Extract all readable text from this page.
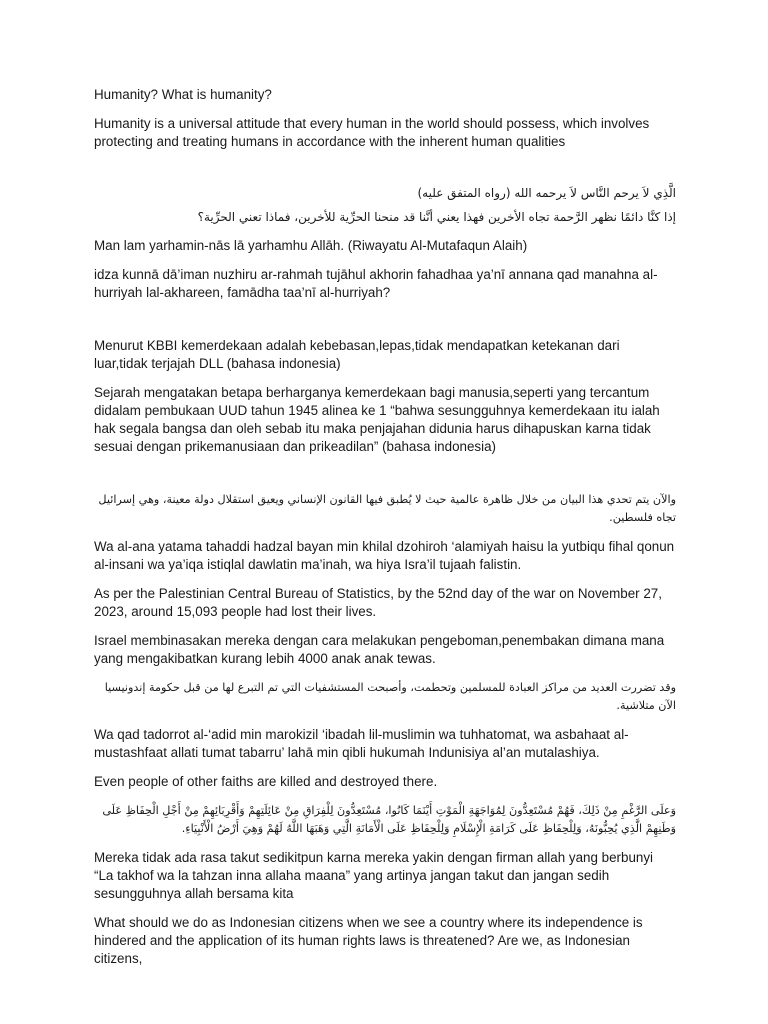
Humanity? What is humanity?

Humanity is a universal attitude that every human in the world should possess, which involves protecting and treating humans in accordance with the inherent human qualities

الَّذِي لاَ يرحم النَّاس لاَ يرحمه الله (رواه المتفق عليه)

إذا كنَّا دائمًا نظهر الرَّحمة تجاه الأخرين فهذا يعني أنَّنا قد منحنا الحرِّية للأخرين، فماذا تعني الحرِّية؟

Man lam yarhamin-nās lā yarhamhu Allāh. (Riwayatu Al-Mutafaqun Alaih)

idza kunnā dā’iman nuzhiru ar-rahmah tujāhul akhorin fahadhaa ya’nī annana qad manahna al-hurriyah lal-akhareen, famādha taa’nī al-hurriyah?

Menurut KBBI kemerdekaan adalah kebebasan,lepas,tidak mendapatkan ketekanan dari luar,tidak terjajah DLL (bahasa indonesia)

Sejarah mengatakan betapa berharganya kemerdekaan bagi manusia,seperti yang tercantum didalam pembukaan UUD tahun 1945 alinea ke 1 “bahwa sesungguhnya kemerdekaan itu ialah hak segala bangsa dan oleh sebab itu maka penjajahan didunia harus dihapuskan karna tidak sesuai dengan prikemanusiaan dan prikeadilan” (bahasa indonesia)

والآن يتم تحدي هذا البيان من خلال ظاهرة عالمية حيث لا يُطبق فيها القانون الإنساني ويعيق استقلال دولة معينة، وهي إسرائيل تجاه فلسطين.

Wa al-ana yatama tahaddi hadzal bayan min khilal dzohiroh ‘alamiyah haisu la yutbiqu fihal qonun al-insani wa ya’iqa istiqlal dawlatin ma’inah, wa hiya Isra’il tujaah falistin.

As per the Palestinian Central Bureau of Statistics, by the 52nd day of the war on November 27, 2023, around 15,093 people had lost their lives.

Israel membinasakan mereka dengan cara melakukan pengeboman,penembakan dimana mana yang mengakibatkan kurang lebih 4000 anak anak tewas.

وقد تضررت العديد من مراكز العبادة للمسلمين وتحطمت، وأصبحت المستشفيات التي تم التبرع لها من قبل حكومة إندونيسيا الآن متلاشية.

Wa qad tadorrot al-‘adid min marokizil ‘ibadah lil-muslimin wa tuhhatomat, wa asbahaat al-mustashfaat allati tumat tabarru’ lahā min qibli hukumah Indunisiya al’an mutalashiya.

Even people of other faiths are killed and destroyed there.

وَعلَى الرَّغْمِ مِنْ ذَلِكَ، فَهُمْ مُسْتَعِدُّونَ لِمُوَاجَهَةِ الْمَوْتِ أَيْنَمَا كَانُوا، مُسْتَعِدُّونَ لِلْفِرَاقِ مِنْ عَائِلَتِهِمْ وَأَقْرِبَائِهِمْ مِنْ أَجْلِ الْحِفَاظِ عَلَى وَطَنِهِمْ الَّذِي يُحِبُّونَهُ، وَلِلْحِفَاظِ عَلَى كَرَامَةِ الْإِسْلَامِ وَلِلْحِفَاظِ عَلَى الْأَمَانَةِ الَّتِي وَهَبَهَا اللَّهُ لَهُمْ وَهِيَ أَرْضُ الْأَنْبِيَاءِ.

Mereka tidak ada rasa takut sedikitpun karna mereka yakin dengan firman allah yang berbunyi “La takhof wa la tahzan inna allaha maana” yang artinya jangan takut dan jangan sedih sesungguhnya allah bersama kita

What should we do as Indonesian citizens when we see a country where its independence is hindered and the application of its human rights laws is threatened? Are we, as Indonesian citizens,
